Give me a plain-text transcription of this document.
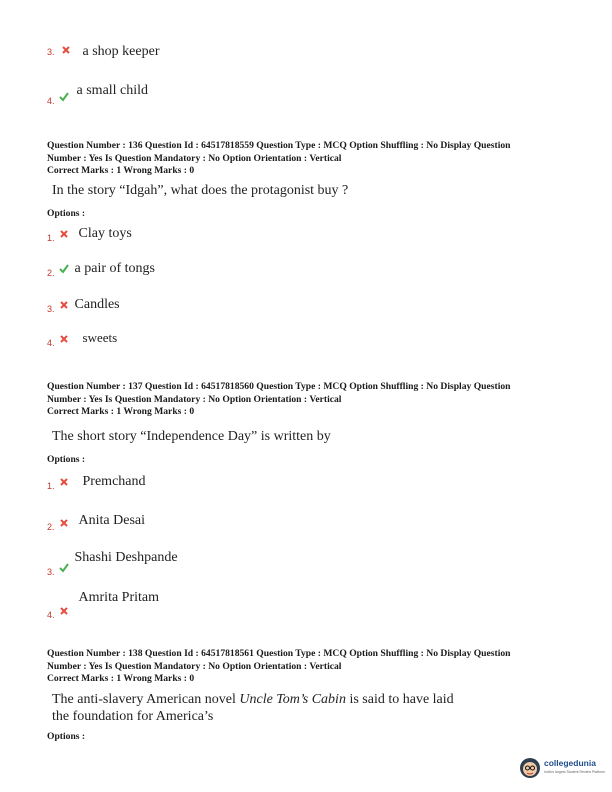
3. a shop keeper
$_{4.}$  a small child
Question Number : 136 Question Id : 64517818559 Question Type : MCQ Option Shuffling : No Display Question
Number : Yes Is Question Mandatory : No Option Orientation : Vertical
Correct Marks : 1 Wrong Marks : 0
In the story “Idgah”, what does the protagonist buy ?
Options :
$_{1.}$ Clay toys
$_{2.}$ a pair of tongs
$_{3.}$ Candles
$_{4.}$ sweets
Question Number : 137 Question Id : 64517818560 Question Type : MCQ Option Shuffling : No Display Question
Number : Yes Is Question Mandatory : No Option Orientation : Vertical
Correct Marks : 1 Wrong Marks : 0
The short story “Independence Day” is written by
Options :
$_{1.}$ Premchand
$_{2.}$ Anita Desai
$_{3.}$  Shashi Deshpande
$_{4.}$  Amrita Pritam
Question Number : 138 Question Id : 64517818561 Question Type : MCQ Option Shuffling : No Display Question
Number : Yes Is Question Mandatory : No Option Orientation : Vertical
Correct Marks : 1 Wrong Marks : 0
The anti-slavery American novel Uncle Tom’s Cabin is said to have laid
the foundation for America’s
Options :
collegedunia
India's largest Student Review Platform
